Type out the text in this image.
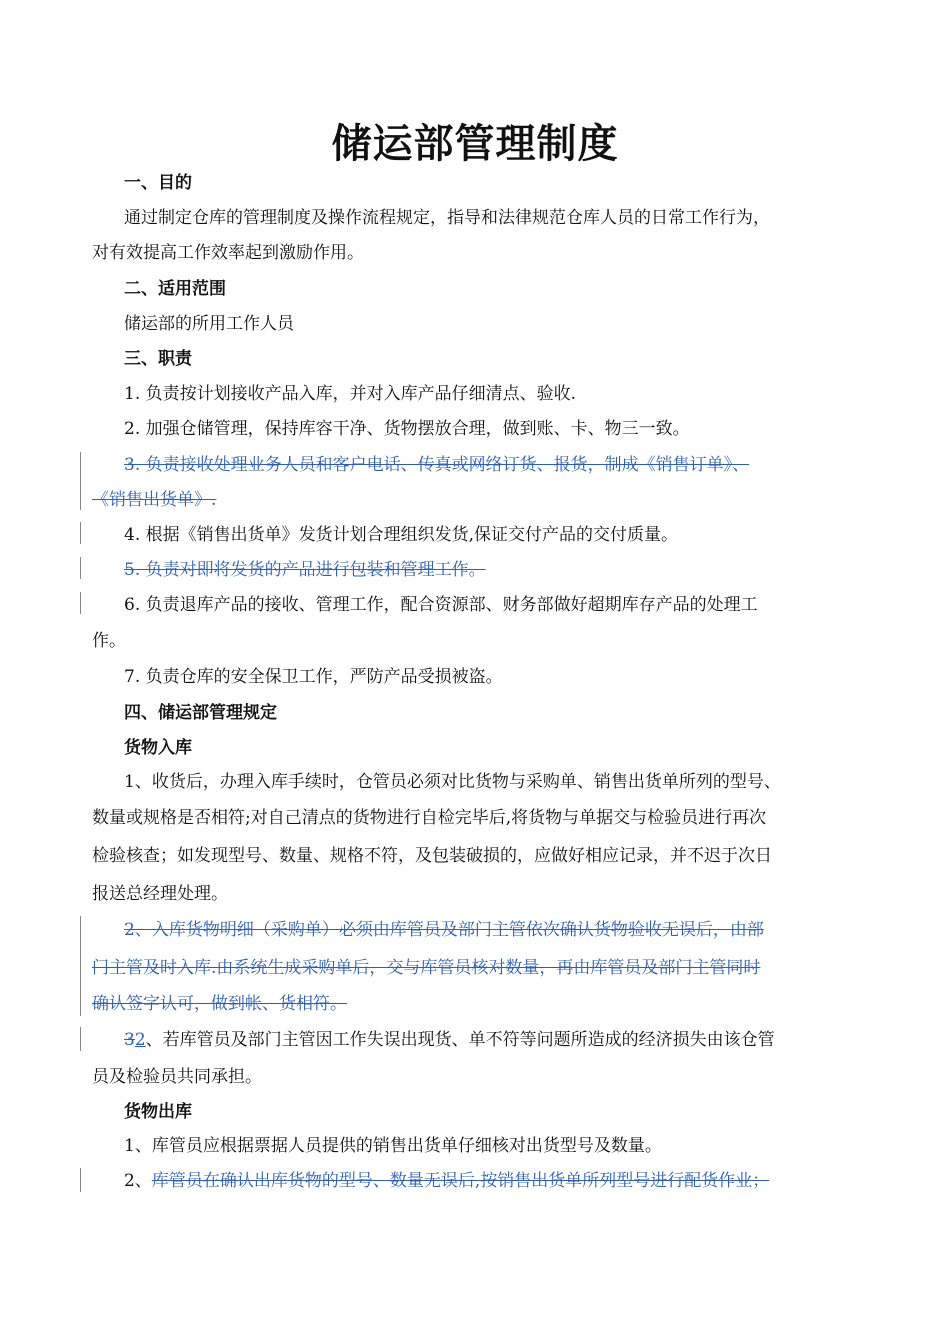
储运部管理制度
一、目的
通过制定仓库的管理制度及操作流程规定，指导和法律规范仓库人员的日常工作行为，
对有效提高工作效率起到激励作用。
二、适用范围
储运部的所用工作人员
三、职责
1. 负责按计划接收产品入库，并对入库产品仔细清点、验收.
2. 加强仓储管理，保持库容干净、货物摆放合理，做到账、卡、物三一致。
3. 负责接收处理业务人员和客户电话、传真或网络订货、报货，制成《销售订单》、
《销售出货单》.
4. 根据《销售出货单》发货计划合理组织发货,保证交付产品的交付质量。
5. 负责对即将发货的产品进行包装和管理工作。
6. 负责退库产品的接收、管理工作，配合资源部、财务部做好超期库存产品的处理工
作。
7. 负责仓库的安全保卫工作，严防产品受损被盗。
四、储运部管理规定
货物入库
1、收货后，办理入库手续时，仓管员必须对比货物与采购单、销售出货单所列的型号、
数量或规格是否相符;对自己清点的货物进行自检完毕后,将货物与单据交与检验员进行再次
检验核查；如发现型号、数量、规格不符，及包装破损的，应做好相应记录，并不迟于次日
报送总经理处理。
2、入库货物明细（采购单）必须由库管员及部门主管依次确认货物验收无误后，由部
门主管及时入库.由系统生成采购单后，交与库管员核对数量，再由库管员及部门主管同时
确认签字认可，做到帐、货相符。
32、若库管员及部门主管因工作失误出现货、单不符等问题所造成的经济损失由该仓管
员及检验员共同承担。
货物出库
1、库管员应根据票据人员提供的销售出货单仔细核对出货型号及数量。
2、库管员在确认出库货物的型号、数量无误后,按销售出货单所列型号进行配货作业；
